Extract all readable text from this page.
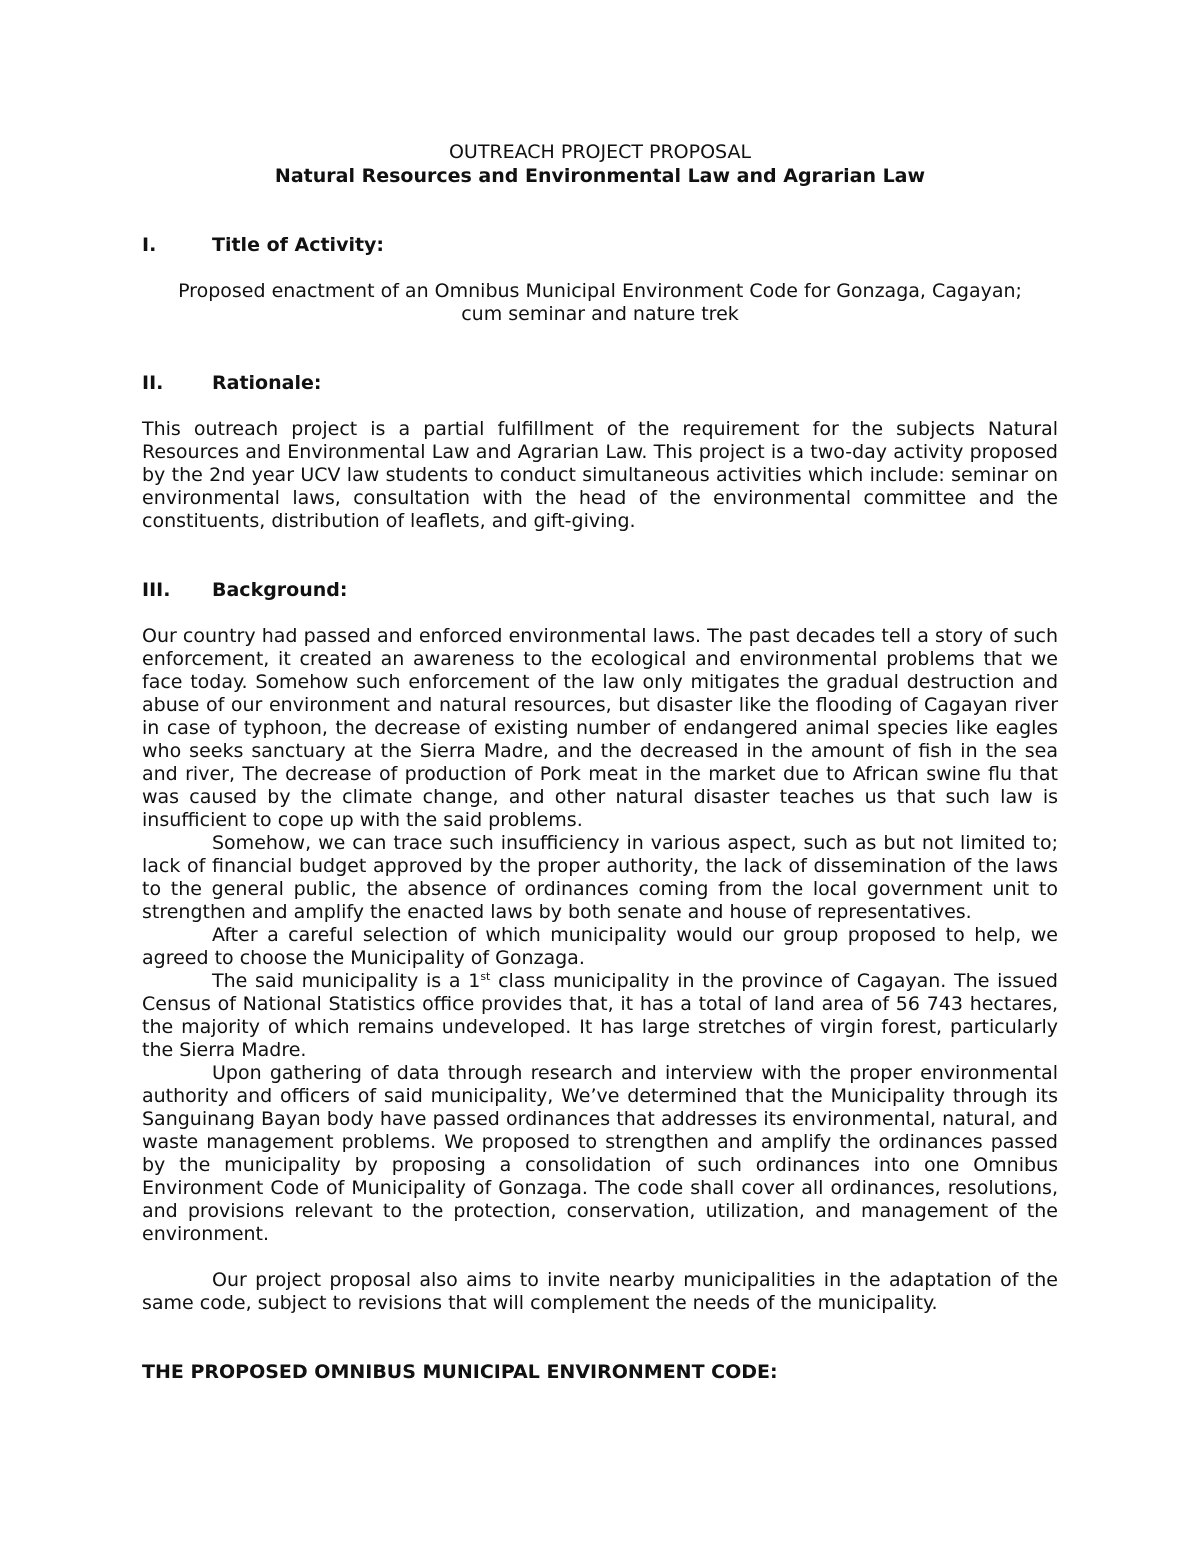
OUTREACH PROJECT PROPOSAL

Natural Resources and Environmental Law and Agrarian Law

I.	Title of Activity:

Proposed enactment of an Omnibus Municipal Environment Code for Gonzaga, Cagayan;

cum seminar and nature trek

II.	Rationale:

This outreach project is a partial fulfillment of the requirement for the subjects Natural Resources and Environmental Law and Agrarian Law. This project is a two-day activity proposed by the 2nd year UCV law students to conduct simultaneous activities which include: seminar on environmental laws, consultation with the head of the environmental committee and the constituents, distribution of leaflets, and gift-giving.

III.	Background:

Our country had passed and enforced environmental laws. The past decades tell a story of such enforcement, it created an awareness to the ecological and environmental problems that we face today. Somehow such enforcement of the law only mitigates the gradual destruction and abuse of our environment and natural resources, but disaster like the flooding of Cagayan river in case of typhoon, the decrease of existing number of endangered animal species like eagles who seeks sanctuary at the Sierra Madre, and the decreased in the amount of fish in the sea and river, The decrease of production of Pork meat in the market due to African swine flu that was caused by the climate change, and other natural disaster teaches us that such law is insufficient to cope up with the said problems.

Somehow, we can trace such insufficiency in various aspect, such as but not limited to; lack of financial budget approved by the proper authority, the lack of dissemination of the laws to the general public, the absence of ordinances coming from the local government unit to strengthen and amplify the enacted laws by both senate and house of representatives.

After a careful selection of which municipality would our group proposed to help, we agreed to choose the Municipality of Gonzaga.

The said municipality is a 1st class municipality in the province of Cagayan. The issued Census of National Statistics office provides that, it has a total of land area of 56 743 hectares, the majority of which remains undeveloped. It has large stretches of virgin forest, particularly the Sierra Madre.

Upon gathering of data through research and interview with the proper environmental authority and officers of said municipality, We’ve determined that the Municipality through its Sanguinang Bayan body have passed ordinances that addresses its environmental, natural, and waste management problems. We proposed to strengthen and amplify the ordinances passed by the municipality by proposing a consolidation of such ordinances into one Omnibus Environment Code of Municipality of Gonzaga. The code shall cover all ordinances, resolutions, and provisions relevant to the protection, conservation, utilization, and management of the environment.

Our project proposal also aims to invite nearby municipalities in the adaptation of the same code, subject to revisions that will complement the needs of the municipality.

THE PROPOSED OMNIBUS MUNICIPAL ENVIRONMENT CODE:
